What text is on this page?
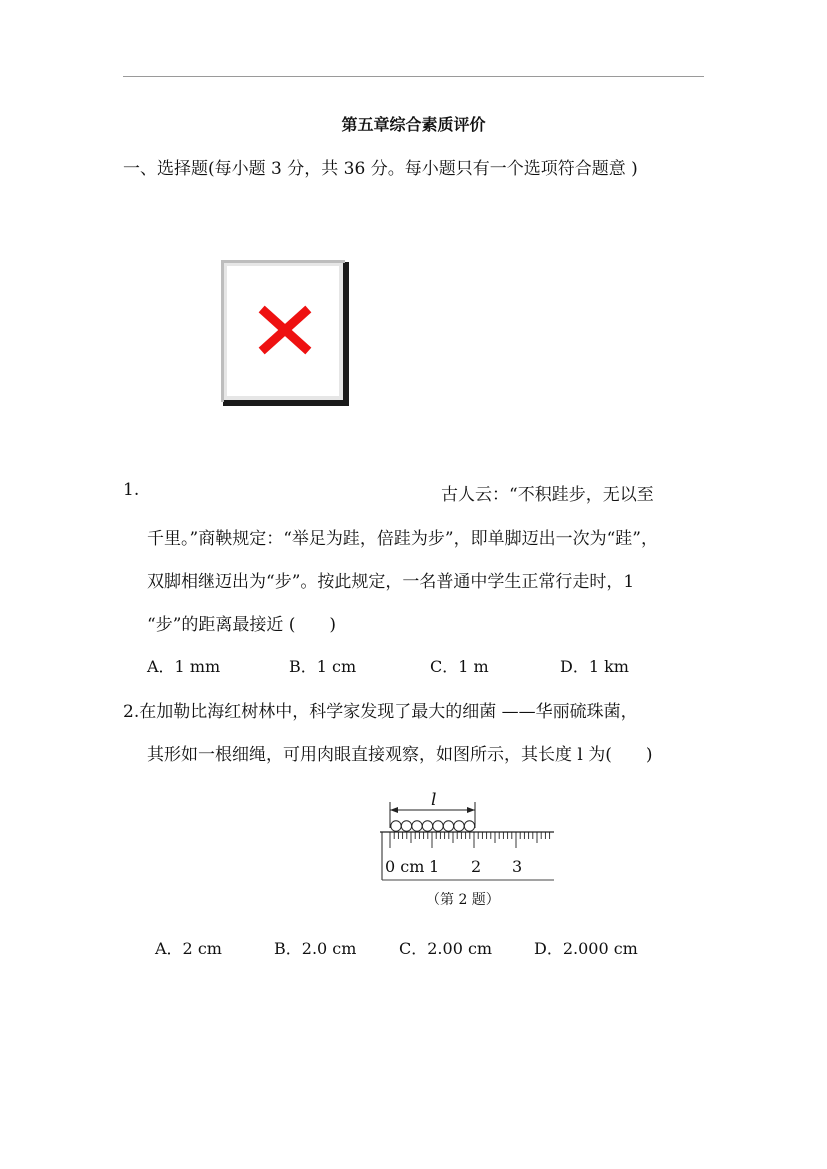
第五章综合素质评价
一、选择题(每小题 3 分，共 36 分。每小题只有一个选项符合题意 )
1.	古人云：“不积跬步，无以至
千里。”商鞅规定：“举足为跬，倍跬为步”，即单脚迈出一次为“跬”，
双脚相继迈出为“步”。按此规定，一名普通中学生正常行走时，1
“步”的距离最接近 (　　)
A．1 mm	B．1 cm	C．1 m	D．1 km
2.在加勒比海红树林中，科学家发现了最大的细菌 ——华丽硫珠菌，
其形如一根细绳，可用肉眼直接观察，如图所示，其长度 l 为(　　)
l
0 cm 1 2 3
（第 2 题）
A．2 cm	B．2.0 cm	C．2.00 cm	D．2.000 cm
